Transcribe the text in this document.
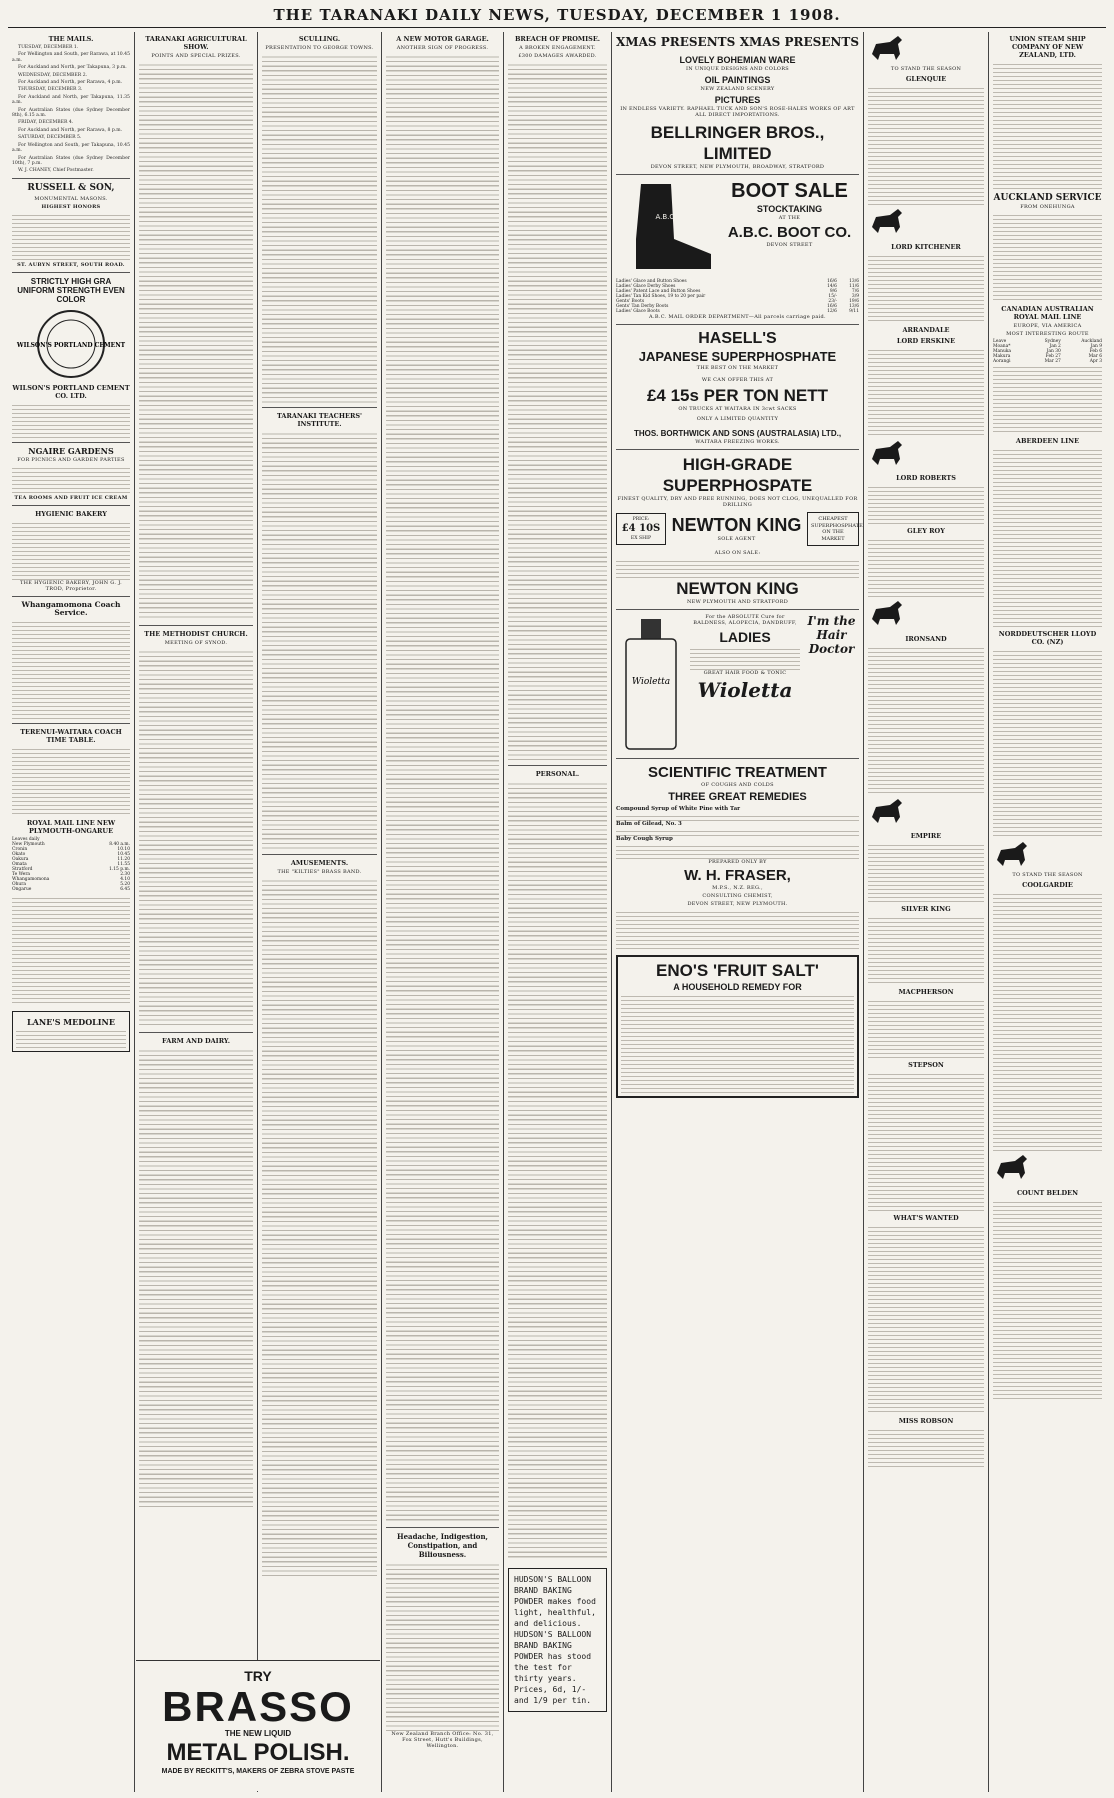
THE TARANAKI DAILY NEWS, TUESDAY, DECEMBER 1 1908.
THE MAILS.

TUESDAY, DECEMBER 1.

For Wellington and South, per Rarawa, at 10.45 a.m.

For Auckland and North, per Takapuna, 3 p.m.

WEDNESDAY, DECEMBER 2.

For Auckland and North, per Rarawa, 4 p.m.

THURSDAY, DECEMBER 3.

For Auckland and North, per Takapuna, 11.35 a.m.

For Australian States (due Sydney December 8th), 6.15 a.m.

FRIDAY, DECEMBER 4.

For Auckland and North, per Rarawa, 8 p.m.

SATURDAY, DECEMBER 5.

For Wellington and South, per Takapuna, 10.45 a.m.

For Australian States (due Sydney December 10th), 7 p.m.

W. J. CHANEY, Chief Postmaster.

RUSSELL & SON,
MONUMENTAL MASONS.
HIGHEST HONORS
ST. AUBYN STREET, SOUTH ROAD.
STRICTLY HIGH GRA UNIFORM STRENGTH EVEN COLOR
WILSON'S PORTLAND CEMENT
WILSON'S PORTLAND CEMENT CO. LTD.
NGAIRE GARDENS
FOR PICNICS AND GARDEN PARTIES
TEA ROOMS AND FRUIT ICE CREAM
HYGIENIC BAKERY
THE HYGIENIC BAKERY, JOHN G. J. TROD, Proprietor.
Whangamomona Coach Service.
TERENUI-WAITARA COACH TIME TABLE.
ROYAL MAIL LINE NEW PLYMOUTH-ONGARUE
Leaves daily	
New Plymouth	8.40 a.m.
Cronin	10.10
Okato	10.45
Oakura	11.20
Omata	11.55
Stratford	1.15 p.m.
Te Wera	2.30
Whangamomona	4.10
Ohura	5.20
Ongarue	6.45
LANE'S MEDOLINE
TARANAKI AGRICULTURAL SHOW.
POINTS AND SPECIAL PRIZES.
THE METHODIST CHURCH.
MEETING OF SYNOD.
FARM AND DAIRY.
TRY
BRASSO
THE NEW LIQUID
METAL POLISH.
MADE BY RECKITT'S, MAKERS OF ZEBRA STOVE PASTE
SCULLING.
PRESENTATION TO GEORGE TOWNS.
TARANAKI TEACHERS' INSTITUTE.
AMUSEMENTS.
THE "KILTIES" BRASS BAND.
A NEW MOTOR GARAGE.
ANOTHER SIGN OF PROGRESS.
Headache, Indigestion, Constipation, and Biliousness.
New Zealand Branch Office: No. 31, Fox Street, Hutt's Buildings, Wellington.
BREACH OF PROMISE.
A BROKEN ENGAGEMENT.
£300 DAMAGES AWARDED.
PERSONAL.
HUDSON'S BALLOON BRAND BAKING POWDER makes food light, healthful, and delicious. HUDSON'S BALLOON BRAND BAKING POWDER has stood the test for thirty years. Prices, 6d, 1/- and 1/9 per tin.
XMAS PRESENTS XMAS PRESENTS
LOVELY BOHEMIAN WARE
IN UNIQUE DESIGNS AND COLORS
OIL PAINTINGS
NEW ZEALAND SCENERY
PICTURES
IN ENDLESS VARIETY. RAPHAEL TUCK AND SON'S ROSE-HALES WORKS OF ART ALL DIRECT IMPORTATIONS.
BELLRINGER BROS., LIMITED
DEVON STREET, NEW PLYMOUTH, BROADWAY, STRATFORD
A.B.C.
BOOT SALE
STOCKTAKING
AT THE
A.B.C. BOOT CO.
DEVON STREET
Ladies' Glace and Button Shoes	16/6	13/6
Ladies' Glace Derby Shoes	14/6	11/6
Ladies' Patent Lace and Button Shoes	9/6	7/6
Ladies' Tan Kid Shoes, 19 to 20 per pair	15/-	3/9
Gents' Boots	23/-	19/6
Gents' Tan Derby Boots	16/6	13/6
Ladies' Glace Boots	12/6	9/11
A.B.C. MAIL ORDER DEPARTMENT—All parcels carriage paid.
HASELL'S
JAPANESE SUPERPHOSPHATE
THE BEST ON THE MARKET
WE CAN OFFER THIS AT
£4 15s PER TON NETT
ON TRUCKS AT WAITARA IN 3cwt SACKS
ONLY A LIMITED QUANTITY
THOS. BORTHWICK AND SONS (AUSTRALASIA) LTD.,
WAITARA FREEZING WORKS.
HIGH-GRADE SUPERPHOSPATE
FINEST QUALITY, DRY AND FREE RUNNING, DOES NOT CLOG, UNEQUALLED FOR DRILLING
PRICE:
£4 10S
EX SHIP
NEWTON KING
SOLE AGENT
CHEAPEST SUPERPHOSPHATE ON THE MARKET
ALSO ON SALE:
NEWTON KING
NEW PLYMOUTH AND STRATFORD
Wioletta
For the ABSOLUTE Cure for BALDNESS, ALOPECIA, DANDRUFF,
LADIES
GREAT HAIR FOOD & TONIC
Wioletta
I'm the Hair Doctor
SCIENTIFIC TREATMENT
OF COUGHS AND COLDS
THREE GREAT REMEDIES
Compound Syrup of White Pine with Tar
Balm of Gilead, No. 3
Baby Cough Syrup
PREPARED ONLY BY
W. H. FRASER,
M.P.S., N.Z. REG.,
CONSULTING CHEMIST,
DEVON STREET, NEW PLYMOUTH.
ENO'S 'FRUIT SALT'
A HOUSEHOLD REMEDY FOR
TO STAND THE SEASON
GLENQUIE
LORD KITCHENER
ARRANDALE
LORD ERSKINE
LORD ROBERTS
GLEY ROY
IRONSAND
EMPIRE
SILVER KING
MACPHERSON
STEPSON
WHAT'S WANTED
MISS ROBSON
UNION STEAM SHIP COMPANY OF NEW ZEALAND, LTD.
AUCKLAND SERVICE
FROM ONEHUNGA
CANADIAN AUSTRALIAN ROYAL MAIL LINE
EUROPE, VIA AMERICA
MOST INTERESTING ROUTE
Leave	Sydney	Auckland
Moana*	Jan 2	Jan 9
Manuka	Jan 30	Feb 6
Makura	Feb 27	Mar 6
Aorangi	Mar 27	Apr 3
ABERDEEN LINE
NORDDEUTSCHER LLOYD CO. (NZ)
TO STAND THE SEASON
COOLGARDIE
COUNT BELDEN
